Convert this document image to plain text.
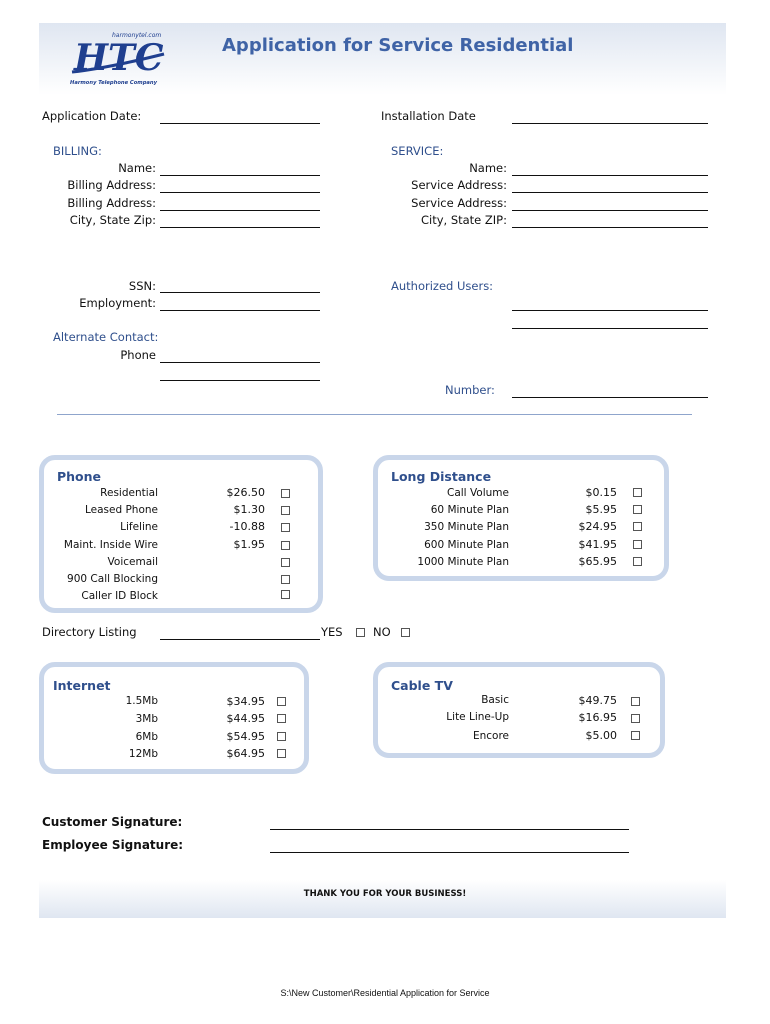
HTC
harmonytel.com
Harmony Telephone Company
Application for Service Residential
Application Date:	Installation Date
BILLING:
Name:
Billing Address:
Billing Address:
City, State Zip:
SERVICE:
Name:
Service Address:
Service Address:
City, State ZIP:
SSN:
Employment:
Authorized Users:
Alternate Contact:
Phone
Number:
Phone
Residential	$26.50
Leased Phone	$1.30
Lifeline	-10.88
Maint. Inside Wire	$1.95
Voicemail
900 Call Blocking
Caller ID Block
Long Distance
Call Volume	$0.15
60 Minute Plan	$5.95
350 Minute Plan	$24.95
600 Minute Plan	$41.95
1000 Minute Plan	$65.95
Directory Listing	YES	NO
Internet
1.5Mb	$34.95
3Mb	$44.95
6Mb	$54.95
12Mb	$64.95
Cable TV
Basic	$49.75
Lite Line-Up	$16.95
Encore	$5.00
Customer Signature:
Employee Signature:
THANK YOU FOR YOUR BUSINESS!
S:\New Customer\Residential Application for Service
